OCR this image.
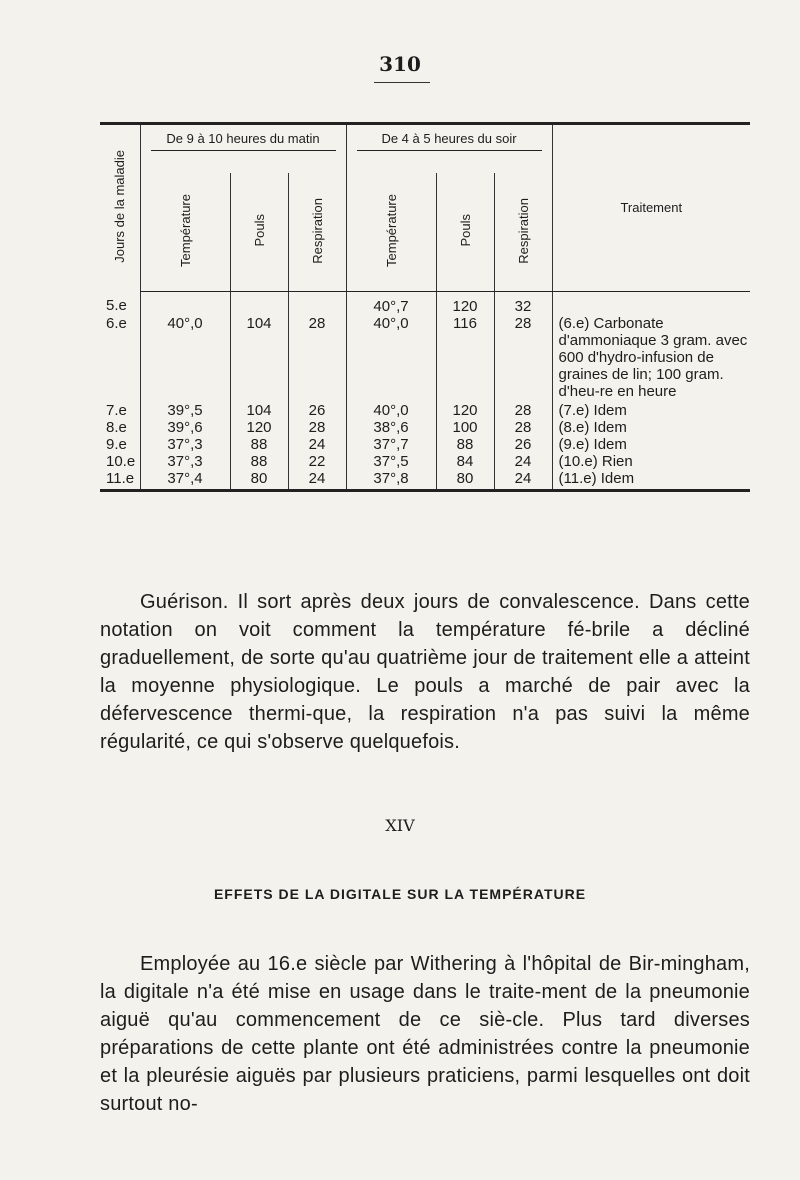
310
Jours de la maladie	De 9 à 10 heures du matin			De 4 à 5 heures du soir			Traitement
	Température	Pouls	Respiration	Température	Pouls	Respiration	
5.e				40°,7	120	32	
6.e	40°,0	104	28	40°,0	116	28	(6.e) Carbonate d'ammoniaque 3 gram. avec 600 d'hydro-infusion de graines de lin; 100 gram. d'heu-re en heure
7.e	39°,5	104	26	40°,0	120	28	(7.e) Idem
8.e	39°,6	120	28	38°,6	100	28	(8.e) Idem
9.e	37°,3	88	24	37°,7	88	26	(9.e) Idem
10.e	37°,3	88	22	37°,5	84	24	(10.e) Rien
11.e	37°,4	80	24	37°,8	80	24	(11.e) Idem

Guérison. Il sort après deux jours de convalescence. Dans cette notation on voit comment la température fé-brile a décliné graduellement, de sorte qu'au quatrième jour de traitement elle a atteint la moyenne physiologique. Le pouls a marché de pair avec la défervescence thermi-que, la respiration n'a pas suivi la même régularité, ce qui s'observe quelquefois.

XIV
EFFETS DE LA DIGITALE SUR LA TEMPÉRATURE

Employée au 16.e siècle par Withering à l'hôpital de Bir-mingham, la digitale n'a été mise en usage dans le traite-ment de la pneumonie aiguë qu'au commencement de ce siè-cle. Plus tard diverses préparations de cette plante ont été administrées contre la pneumonie et la pleurésie aiguës par plusieurs praticiens, parmi lesquelles ont doit surtout no-
